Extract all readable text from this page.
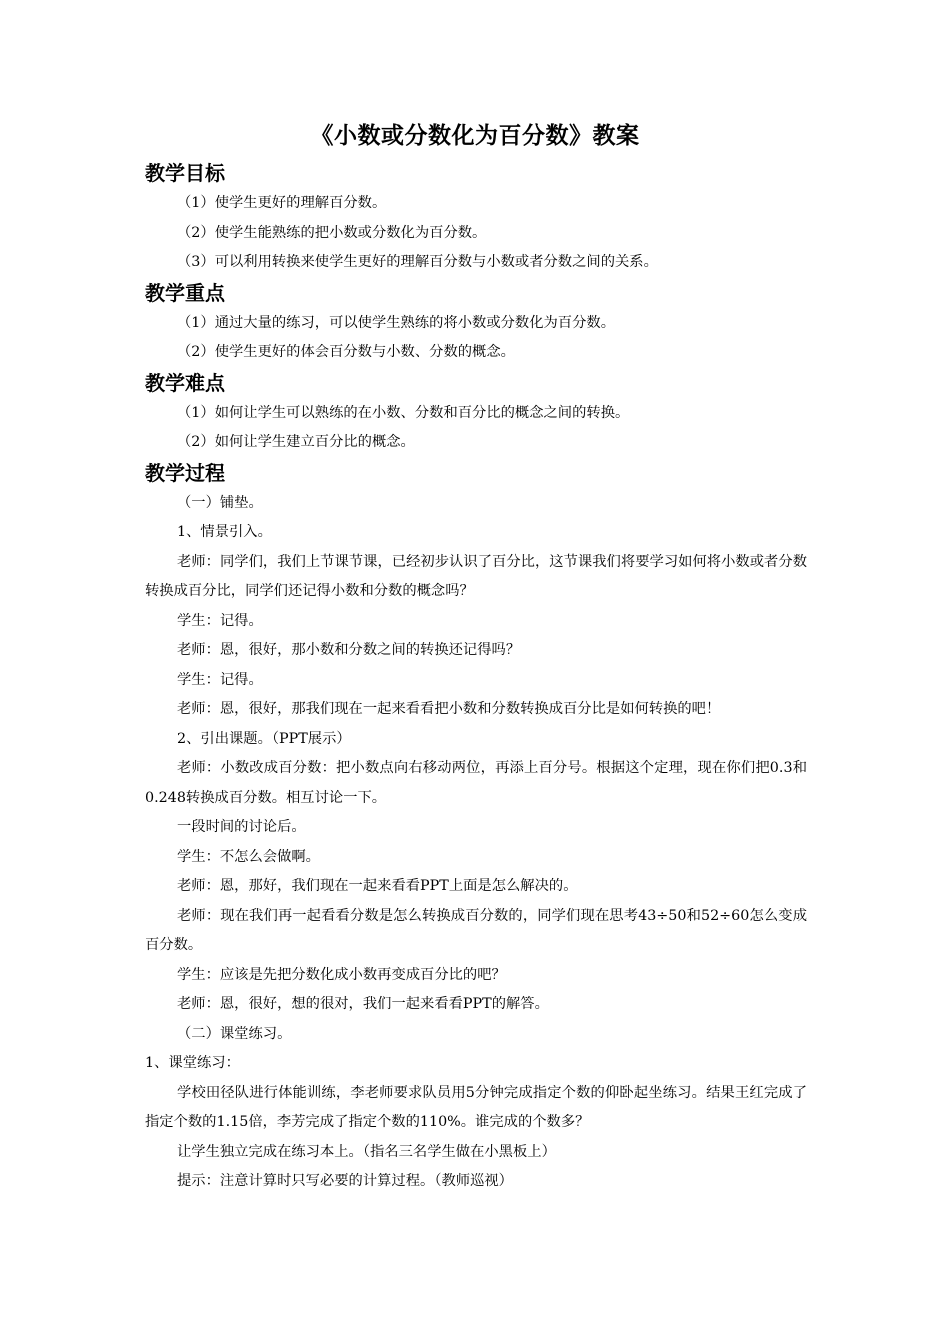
《小数或分数化为百分数》教案
教学目标

（1）使学生更好的理解百分数。

（2）使学生能熟练的把小数或分数化为百分数。

（3）可以利用转换来使学生更好的理解百分数与小数或者分数之间的关系。

教学重点

（1）通过大量的练习，可以使学生熟练的将小数或分数化为百分数。

（2）使学生更好的体会百分数与小数、分数的概念。

教学难点

（1）如何让学生可以熟练的在小数、分数和百分比的概念之间的转换。

（2）如何让学生建立百分比的概念。

教学过程

（一）铺垫。

1、情景引入。

老师：同学们，我们上节课节课，已经初步认识了百分比，这节课我们将要学习如何将小数或者分数转换成百分比，同学们还记得小数和分数的概念吗？

学生：记得。

老师：恩，很好，那小数和分数之间的转换还记得吗？

学生：记得。

老师：恩，很好，那我们现在一起来看看把小数和分数转换成百分比是如何转换的吧！

2、引出课题。（PPT展示）

老师：小数改成百分数：把小数点向右移动两位，再添上百分号。根据这个定理，现在你们把0.3和0.248转换成百分数。相互讨论一下。

一段时间的讨论后。

学生：不怎么会做啊。

老师：恩，那好，我们现在一起来看看PPT上面是怎么解决的。

老师：现在我们再一起看看分数是怎么转换成百分数的，同学们现在思考43÷50和52÷60怎么变成百分数。

学生：应该是先把分数化成小数再变成百分比的吧？

老师：恩，很好，想的很对，我们一起来看看PPT的解答。

（二）课堂练习。

1、课堂练习：

学校田径队进行体能训练，李老师要求队员用5分钟完成指定个数的仰卧起坐练习。结果王红完成了指定个数的1.15倍，李芳完成了指定个数的110%。谁完成的个数多？

让学生独立完成在练习本上。（指名三名学生做在小黑板上）

提示：注意计算时只写必要的计算过程。（教师巡视）
